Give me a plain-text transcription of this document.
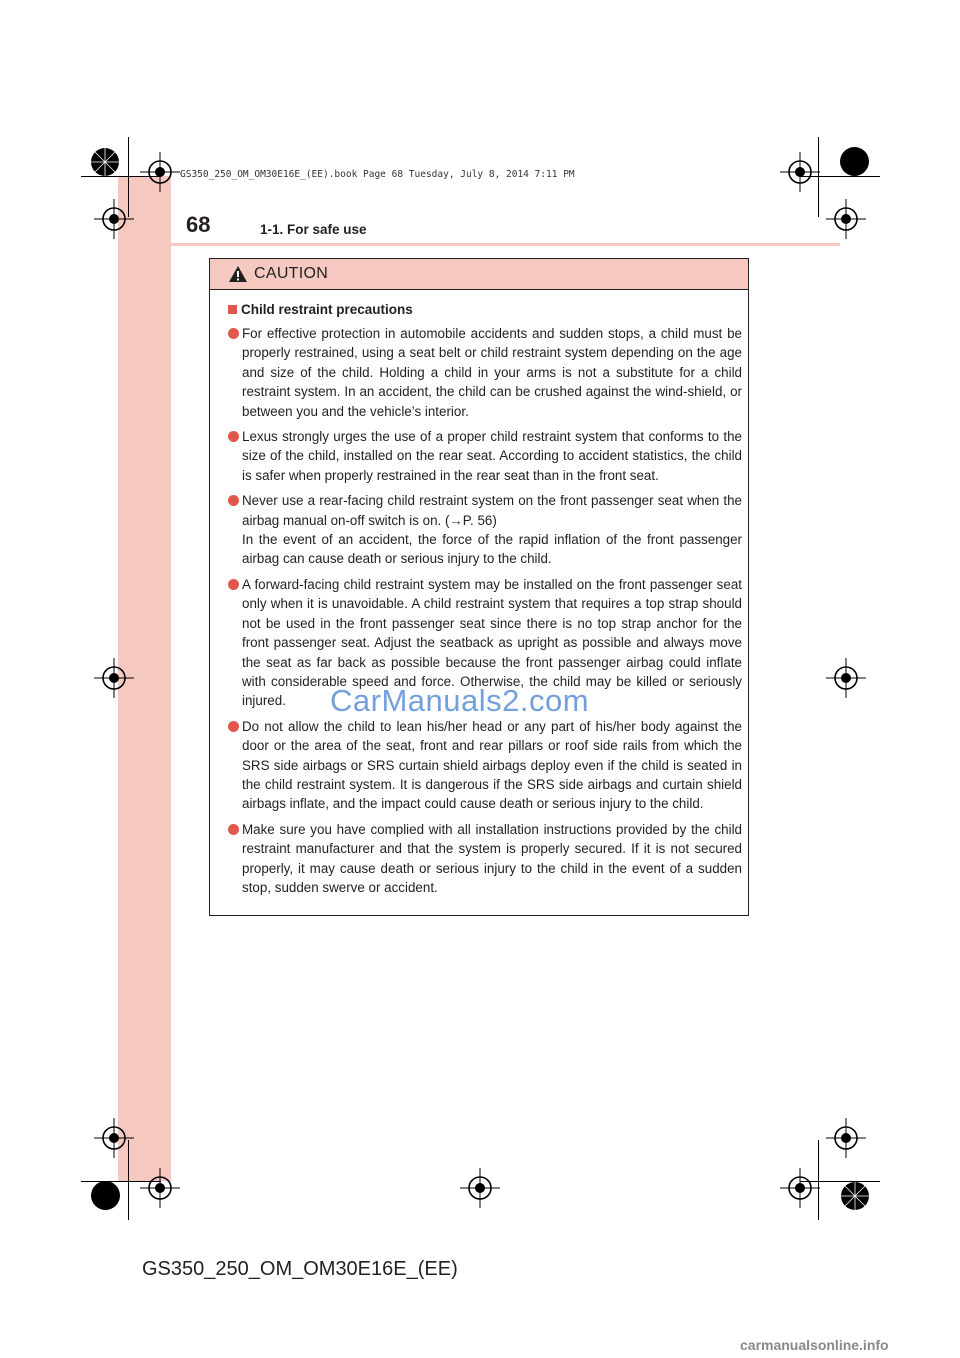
GS350_250_OM_OM30E16E_(EE).book Page 68 Tuesday, July 8, 2014 7:11 PM
68	1-1. For safe use
CAUTION
Child restraint precautions

For effective protection in automobile accidents and sudden stops, a child must be properly restrained, using a seat belt or child restraint system depending on the age and size of the child. Holding a child in your arms is not a substitute for a child restraint system. In an accident, the child can be crushed against the wind-shield, or between you and the vehicle’s interior.

Lexus strongly urges the use of a proper child restraint system that conforms to the size of the child, installed on the rear seat. According to accident statistics, the child is safer when properly restrained in the rear seat than in the front seat.

Never use a rear-facing child restraint system on the front passenger seat when the airbag manual on-off switch is on. (→P. 56)

In the event of an accident, the force of the rapid inflation of the front passenger airbag can cause death or serious injury to the child.

A forward-facing child restraint system may be installed on the front passenger seat only when it is unavoidable. A child restraint system that requires a top strap should not be used in the front passenger seat since there is no top strap anchor for the front passenger seat. Adjust the seatback as upright as possible and always move the seat as far back as possible because the front passenger airbag could inflate with considerable speed and force. Otherwise, the child may be killed or seriously injured.

Do not allow the child to lean his/her head or any part of his/her body against the door or the area of the seat, front and rear pillars or roof side rails from which the SRS side airbags or SRS curtain shield airbags deploy even if the child is seated in the child restraint system. It is dangerous if the SRS side airbags and curtain shield airbags inflate, and the impact could cause death or serious injury to the child.

Make sure you have complied with all installation instructions provided by the child restraint manufacturer and that the system is properly secured. If it is not secured properly, it may cause death or serious injury to the child in the event of a sudden stop, sudden swerve or accident.

CarManuals2.com
GS350_250_OM_OM30E16E_(EE)
carmanualsonline.info
